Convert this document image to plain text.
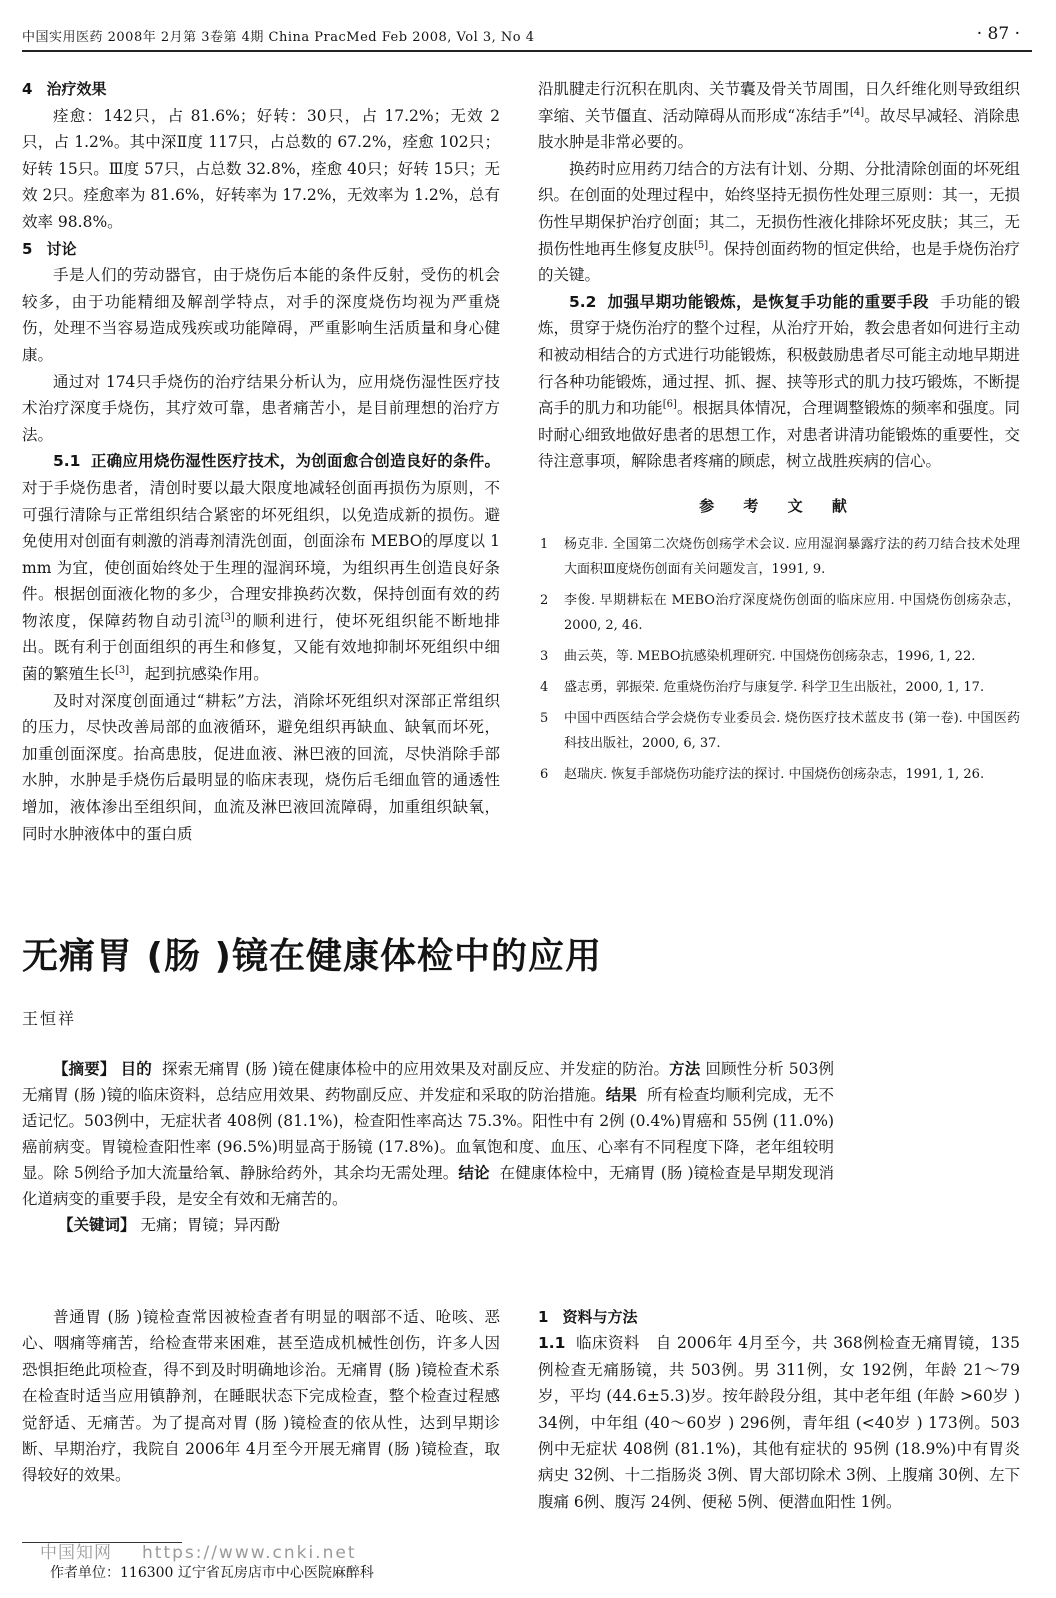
中国实用医药 2008年 2月第 3卷第 4期 China PracMed Feb 2008, Vol 3, No 4	· 87 ·

4 治疗效果

痊愈：142只，占 81.6%；好转：30只，占 17.2%；无效 2只，占 1.2%。其中深Ⅱ度 117只，占总数的 67.2%，痊愈 102只；好转 15只。Ⅲ度 57只，占总数 32.8%，痊愈 40只；好转 15只；无效 2只。痊愈率为 81.6%，好转率为 17.2%，无效率为 1.2%，总有效率 98.8%。

5 讨论

手是人们的劳动器官，由于烧伤后本能的条件反射，受伤的机会较多，由于功能精细及解剖学特点，对手的深度烧伤均视为严重烧伤，处理不当容易造成残疾或功能障碍，严重影响生活质量和身心健康。

通过对 174只手烧伤的治疗结果分析认为，应用烧伤湿性医疗技术治疗深度手烧伤，其疗效可靠，患者痛苦小，是目前理想的治疗方法。

5.1 正确应用烧伤湿性医疗技术，为创面愈合创造良好的条件。对于手烧伤患者，清创时要以最大限度地减轻创面再损伤为原则，不可强行清除与正常组织结合紧密的坏死组织，以免造成新的损伤。避免使用对创面有刺激的消毒剂清洗创面，创面涂布 MEBO的厚度以 1 mm 为宜，使创面始终处于生理的湿润环境，为组织再生创造良好条件。根据创面液化物的多少，合理安排换药次数，保持创面有效的药物浓度，保障药物自动引流[3]的顺利进行，使坏死组织能不断地排出。既有利于创面组织的再生和修复，又能有效地抑制坏死组织中细菌的繁殖生长[3]，起到抗感染作用。

及时对深度创面通过“耕耘”方法，消除坏死组织对深部正常组织的压力，尽快改善局部的血液循环，避免组织再缺血、缺氧而坏死，加重创面深度。抬高患肢，促进血液、淋巴液的回流，尽快消除手部水肿，水肿是手烧伤后最明显的临床表现，烧伤后毛细血管的通透性增加，液体渗出至组织间，血流及淋巴液回流障碍，加重组织缺氧，同时水肿液体中的蛋白质

沿肌腱走行沉积在肌肉、关节囊及骨关节周围，日久纤维化则导致组织挛缩、关节僵直、活动障碍从而形成“冻结手”[4]。故尽早减轻、消除患肢水肿是非常必要的。

换药时应用药刀结合的方法有计划、分期、分批清除创面的坏死组织。在创面的处理过程中，始终坚持无损伤性处理三原则：其一，无损伤性早期保护治疗创面；其二，无损伤性液化排除坏死皮肤；其三，无损伤性地再生修复皮肤[5]。保持创面药物的恒定供给，也是手烧伤治疗的关键。

5.2 加强早期功能锻炼，是恢复手功能的重要手段 手功能的锻炼，贯穿于烧伤治疗的整个过程，从治疗开始，教会患者如何进行主动和被动相结合的方式进行功能锻炼，积极鼓励患者尽可能主动地早期进行各种功能锻炼，通过捏、抓、握、挟等形式的肌力技巧锻炼，不断提高手的肌力和功能[6]。根据具体情况，合理调整锻炼的频率和强度。同时耐心细致地做好患者的思想工作，对患者讲清功能锻炼的重要性，交待注意事项，解除患者疼痛的顾虑，树立战胜疾病的信心。

参 考 文 献
1 杨克非. 全国第二次烧伤创疡学术会议. 应用湿润暴露疗法的药刀结合技术处理大面积Ⅲ度烧伤创面有关问题发言，1991, 9.
2 李俊. 早期耕耘在 MEBO治疗深度烧伤创面的临床应用. 中国烧伤创疡杂志，2000, 2, 46.
3 曲云英，等. MEBO抗感染机理研究. 中国烧伤创疡杂志，1996, 1, 22.
4 盛志勇，郭振荣. 危重烧伤治疗与康复学. 科学卫生出版社，2000, 1, 17.
5 中国中西医结合学会烧伤专业委员会. 烧伤医疗技术蓝皮书 (第一卷). 中国医药科技出版社，2000, 6, 37.
6 赵瑞庆. 恢复手部烧伤功能疗法的探讨. 中国烧伤创疡杂志，1991, 1, 26.
无痛胃 (肠 )镜在健康体检中的应用
王恒祥

【摘要】 目的 探索无痛胃 (肠 )镜在健康体检中的应用效果及对副反应、并发症的防治。方法 回顾性分析 503例无痛胃 (肠 )镜的临床资料，总结应用效果、药物副反应、并发症和采取的防治措施。结果 所有检查均顺利完成，无不适记忆。503例中，无症状者 408例 (81.1%)，检查阳性率高达 75.3%。阳性中有 2例 (0.4%)胃癌和 55例 (11.0%)癌前病变。胃镜检查阳性率 (96.5%)明显高于肠镜 (17.8%)。血氧饱和度、血压、心率有不同程度下降，老年组较明显。除 5例给予加大流量给氧、静脉给药外，其余均无需处理。结论 在健康体检中，无痛胃 (肠 )镜检查是早期发现消化道病变的重要手段，是安全有效和无痛苦的。

【关键词】 无痛；胃镜；异丙酚

普通胃 (肠 )镜检查常因被检查者有明显的咽部不适、呛咳、恶心、咽痛等痛苦，给检查带来困难，甚至造成机械性创伤，许多人因恐惧拒绝此项检查，得不到及时明确地诊治。无痛胃 (肠 )镜检查术系在检查时适当应用镇静剂，在睡眠状态下完成检查，整个检查过程感觉舒适、无痛苦。为了提高对胃 (肠 )镜检查的依从性，达到早期诊断、早期治疗，我院自 2006年 4月至今开展无痛胃 (肠 )镜检查，取得较好的效果。

1 资料与方法

1.1 临床资料 自 2006年 4月至今，共 368例检查无痛胃镜，135例检查无痛肠镜，共 503例。男 311例，女 192例，年龄 21～79岁，平均 (44.6±5.3)岁。按年龄段分组，其中老年组 (年龄 >60岁 ) 34例，中年组 (40～60岁 ) 296例，青年组 (<40岁 ) 173例。503例中无症状 408例 (81.1%)，其他有症状的 95例 (18.9%)中有胃炎病史 32例、十二指肠炎 3例、胃大部切除术 3例、上腹痛 30例、左下腹痛 6例、腹泻 24例、便秘 5例、便潜血阳性 1例。

中国知网 https://www.cnki.net
作者单位：116300 辽宁省瓦房店市中心医院麻醉科
